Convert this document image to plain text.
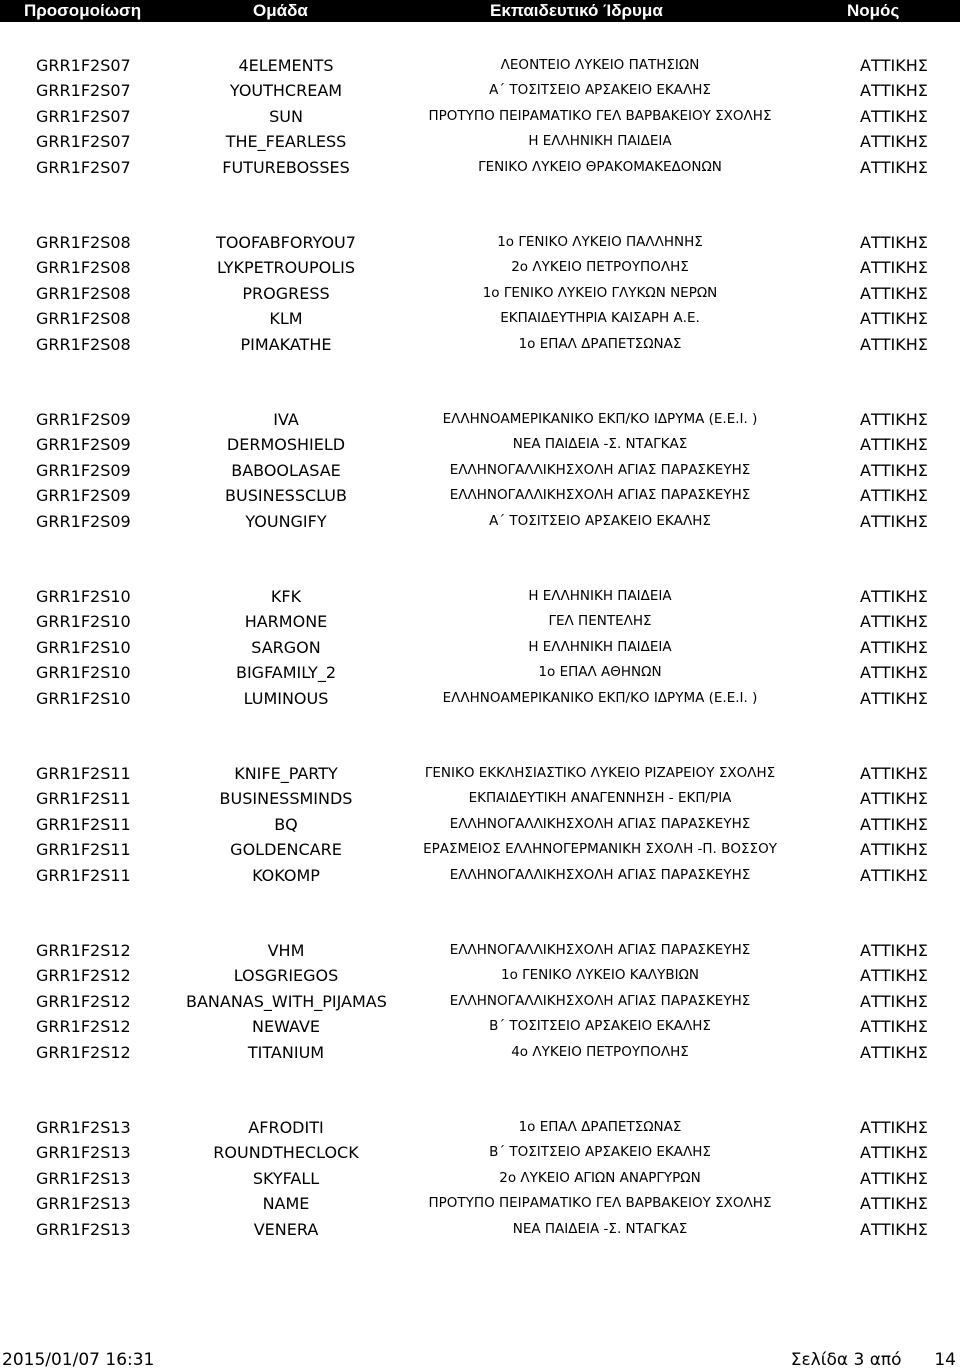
Προσομοίωση	Ομάδα	Εκπαιδευτικό Ίδρυμα	Νομός
GRR1F2S07	4ELEMENTS	ΛΕΟΝΤΕΙΟ ΛΥΚΕΙΟ ΠΑΤΗΣΙΩΝ	ΑΤΤΙΚΗΣ
GRR1F2S07	YOUTHCREAM	Α΄ ΤΟΣΙΤΣΕΙΟ ΑΡΣΑΚΕΙΟ ΕΚΑΛΗΣ	ΑΤΤΙΚΗΣ
GRR1F2S07	SUN	ΠΡΟΤΥΠΟ ΠΕΙΡΑΜΑΤΙΚΟ ΓΕΛ ΒΑΡΒΑΚΕΙΟΥ ΣΧΟΛΗΣ	ΑΤΤΙΚΗΣ
GRR1F2S07	THE_FEARLESS	Η ΕΛΛΗΝΙΚΗ ΠΑΙΔΕΙΑ	ΑΤΤΙΚΗΣ
GRR1F2S07	FUTUREBOSSES	ΓΕΝΙΚΟ ΛΥΚΕΙΟ ΘΡΑΚΟΜΑΚΕΔΟΝΩΝ	ΑΤΤΙΚΗΣ
GRR1F2S08	TOOFABFORYOU7	1ο ΓΕΝΙΚΟ ΛΥΚΕΙΟ ΠΑΛΛΗΝΗΣ	ΑΤΤΙΚΗΣ
GRR1F2S08	LYKPETROUPOLIS	2ο ΛΥΚΕΙΟ ΠΕΤΡΟΥΠΟΛΗΣ	ΑΤΤΙΚΗΣ
GRR1F2S08	PROGRESS	1ο ΓΕΝΙΚΟ ΛΥΚΕΙΟ ΓΛΥΚΩΝ ΝΕΡΩΝ	ΑΤΤΙΚΗΣ
GRR1F2S08	KLM	ΕΚΠΑΙΔΕΥΤΗΡΙΑ ΚΑΙΣΑΡΗ Α.Ε.	ΑΤΤΙΚΗΣ
GRR1F2S08	PIMAKATHE	1ο ΕΠΑΛ ΔΡΑΠΕΤΣΩΝΑΣ	ΑΤΤΙΚΗΣ
GRR1F2S09	IVA	ΕΛΛΗΝΟΑΜΕΡΙΚΑΝΙΚΟ ΕΚΠ/ΚΟ ΙΔΡΥΜΑ (Ε.Ε.Ι. )	ΑΤΤΙΚΗΣ
GRR1F2S09	DERMOSHIELD	ΝΕΑ ΠΑΙΔΕΙΑ -Σ. ΝΤΑΓΚΑΣ	ΑΤΤΙΚΗΣ
GRR1F2S09	BABOOLASAE	ΕΛΛΗΝΟΓΑΛΛΙΚΗΣΧΟΛΗ ΑΓΙΑΣ ΠΑΡΑΣΚΕΥΗΣ	ΑΤΤΙΚΗΣ
GRR1F2S09	BUSINESSCLUB	ΕΛΛΗΝΟΓΑΛΛΙΚΗΣΧΟΛΗ ΑΓΙΑΣ ΠΑΡΑΣΚΕΥΗΣ	ΑΤΤΙΚΗΣ
GRR1F2S09	YOUNGIFY	Α΄ ΤΟΣΙΤΣΕΙΟ ΑΡΣΑΚΕΙΟ ΕΚΑΛΗΣ	ΑΤΤΙΚΗΣ
GRR1F2S10	KFK	Η ΕΛΛΗΝΙΚΗ ΠΑΙΔΕΙΑ	ΑΤΤΙΚΗΣ
GRR1F2S10	HARMONE	ΓΕΛ ΠΕΝΤΕΛΗΣ	ΑΤΤΙΚΗΣ
GRR1F2S10	SARGON	Η ΕΛΛΗΝΙΚΗ ΠΑΙΔΕΙΑ	ΑΤΤΙΚΗΣ
GRR1F2S10	BIGFAMILY_2	1ο ΕΠΑΛ ΑΘΗΝΩΝ	ΑΤΤΙΚΗΣ
GRR1F2S10	LUMINOUS	ΕΛΛΗΝΟΑΜΕΡΙΚΑΝΙΚΟ ΕΚΠ/ΚΟ ΙΔΡΥΜΑ (Ε.Ε.Ι. )	ΑΤΤΙΚΗΣ
GRR1F2S11	KNIFE_PARTY	ΓΕΝΙΚΟ ΕΚΚΛΗΣΙΑΣΤΙΚΟ ΛΥΚΕΙΟ ΡΙΖΑΡΕΙΟΥ ΣΧΟΛΗΣ	ΑΤΤΙΚΗΣ
GRR1F2S11	BUSINESSMINDS	ΕΚΠΑΙΔΕΥΤΙΚΗ ΑΝΑΓΕΝΝΗΣΗ - ΕΚΠ/ΡΙΑ	ΑΤΤΙΚΗΣ
GRR1F2S11	BQ	ΕΛΛΗΝΟΓΑΛΛΙΚΗΣΧΟΛΗ ΑΓΙΑΣ ΠΑΡΑΣΚΕΥΗΣ	ΑΤΤΙΚΗΣ
GRR1F2S11	GOLDENCARE	ΕΡΑΣΜΕΙΟΣ ΕΛΛΗΝΟΓΕΡΜΑΝΙΚΗ ΣΧΟΛΗ -Π. ΒΟΣΣΟΥ	ΑΤΤΙΚΗΣ
GRR1F2S11	KOKOMP	ΕΛΛΗΝΟΓΑΛΛΙΚΗΣΧΟΛΗ ΑΓΙΑΣ ΠΑΡΑΣΚΕΥΗΣ	ΑΤΤΙΚΗΣ
GRR1F2S12	VHM	ΕΛΛΗΝΟΓΑΛΛΙΚΗΣΧΟΛΗ ΑΓΙΑΣ ΠΑΡΑΣΚΕΥΗΣ	ΑΤΤΙΚΗΣ
GRR1F2S12	LOSGRIEGOS	1ο ΓΕΝΙΚΟ ΛΥΚΕΙΟ ΚΑΛΥΒΙΩΝ	ΑΤΤΙΚΗΣ
GRR1F2S12	BANANAS_WITH_PIJAMAS	ΕΛΛΗΝΟΓΑΛΛΙΚΗΣΧΟΛΗ ΑΓΙΑΣ ΠΑΡΑΣΚΕΥΗΣ	ΑΤΤΙΚΗΣ
GRR1F2S12	NEWAVE	Β΄ ΤΟΣΙΤΣΕΙΟ ΑΡΣΑΚΕΙΟ ΕΚΑΛΗΣ	ΑΤΤΙΚΗΣ
GRR1F2S12	TITANIUM	4ο ΛΥΚΕΙΟ ΠΕΤΡΟΥΠΟΛΗΣ	ΑΤΤΙΚΗΣ
GRR1F2S13	AFRODITI	1ο ΕΠΑΛ ΔΡΑΠΕΤΣΩΝΑΣ	ΑΤΤΙΚΗΣ
GRR1F2S13	ROUNDTHECLOCK	Β΄ ΤΟΣΙΤΣΕΙΟ ΑΡΣΑΚΕΙΟ ΕΚΑΛΗΣ	ΑΤΤΙΚΗΣ
GRR1F2S13	SKYFALL	2ο ΛΥΚΕΙΟ ΑΓΙΩΝ ΑΝΑΡΓΥΡΩΝ	ΑΤΤΙΚΗΣ
GRR1F2S13	NAME	ΠΡΟΤΥΠΟ ΠΕΙΡΑΜΑΤΙΚΟ ΓΕΛ ΒΑΡΒΑΚΕΙΟΥ ΣΧΟΛΗΣ	ΑΤΤΙΚΗΣ
GRR1F2S13	VENERA	ΝΕΑ ΠΑΙΔΕΙΑ -Σ. ΝΤΑΓΚΑΣ	ΑΤΤΙΚΗΣ
2015/01/07 16:31	Σελίδα 3 από 14
